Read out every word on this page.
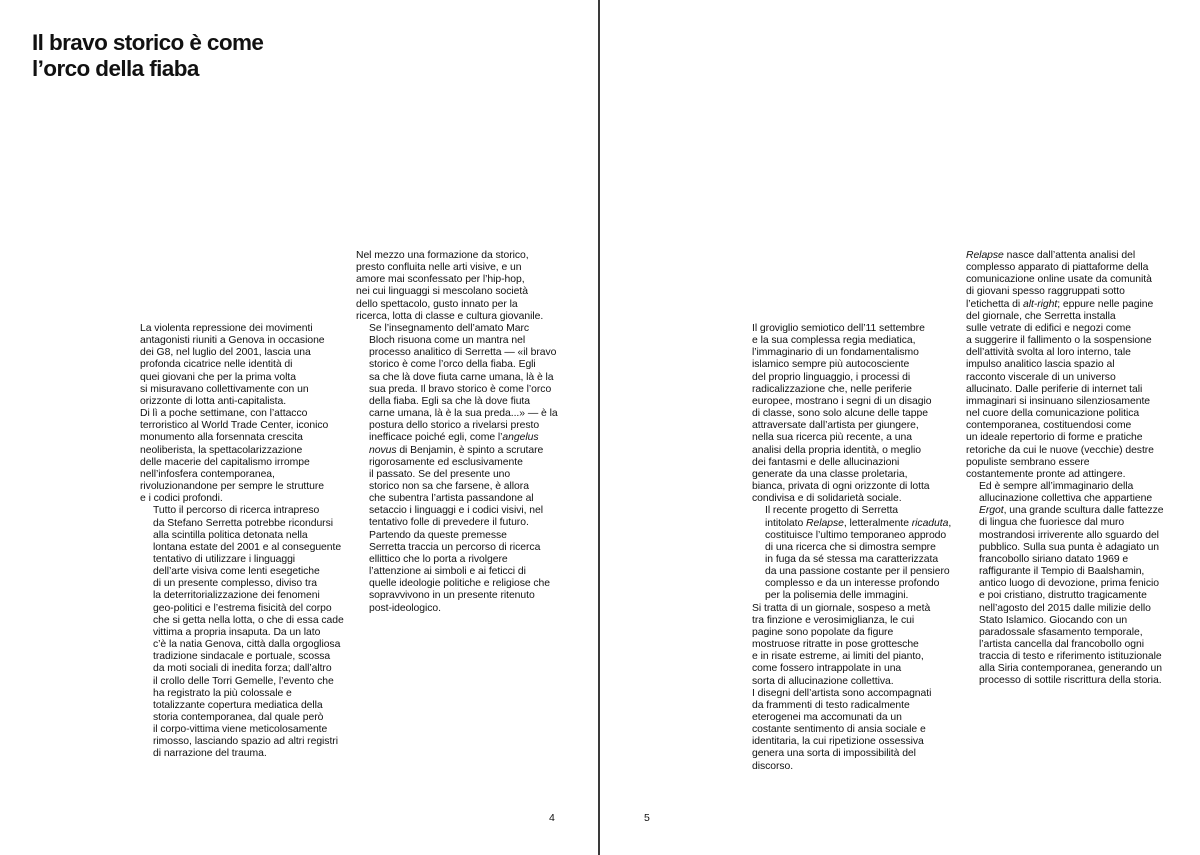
Il bravo storico è come
l’orco della fiaba

La violenta repressione dei movimenti
antagonisti riuniti a Genova in occasione
dei G8, nel luglio del 2001, lascia una
profonda cicatrice nelle identità di
quei giovani che per la prima volta
si misuravano collettivamente con un
orizzonte di lotta anti-capitalista.

Di lì a poche settimane, con l’attacco
terroristico al World Trade Center, iconico
monumento alla forsennata crescita
neoliberista, la spettacolarizzazione
delle macerie del capitalismo irrompe
nell’infosfera contemporanea,
rivoluzionandone per sempre le strutture
e i codici profondi.

Tutto il percorso di ricerca intrapreso
da Stefano Serretta potrebbe ricondursi
alla scintilla politica detonata nella
lontana estate del 2001 e al conseguente
tentativo di utilizzare i linguaggi
dell’arte visiva come lenti esegetiche
di un presente complesso, diviso tra
la deterritorializzazione dei fenomeni
geo-politici e l’estrema fisicità del corpo
che si getta nella lotta, o che di essa cade
vittima a propria insaputa. Da un lato
c’è la natia Genova, città dalla orgogliosa
tradizione sindacale e portuale, scossa
da moti sociali di inedita forza; dall’altro
il crollo delle Torri Gemelle, l’evento che
ha registrato la più colossale e
totalizzante copertura mediatica della
storia contemporanea, dal quale però
il corpo-vittima viene meticolosamente
rimosso, lasciando spazio ad altri registri
di narrazione del trauma.

Nel mezzo una formazione da storico,
presto confluita nelle arti visive, e un
amore mai sconfessato per l’hip-hop,
nei cui linguaggi si mescolano società
dello spettacolo, gusto innato per la
ricerca, lotta di classe e cultura giovanile.

Se l’insegnamento dell’amato Marc
Bloch risuona come un mantra nel
processo analitico di Serretta — «il bravo
storico è come l’orco della fiaba. Egli
sa che là dove fiuta carne umana, là è la
sua preda. Il bravo storico è come l’orco
della fiaba. Egli sa che là dove fiuta
carne umana, là è la sua preda...» — è la
postura dello storico a rivelarsi presto
inefficace poiché egli, come l’angelus
novus di Benjamin, è spinto a scrutare
rigorosamente ed esclusivamente
il passato. Se del presente uno
storico non sa che farsene, è allora
che subentra l’artista passandone al
setaccio i linguaggi e i codici visivi, nel
tentativo folle di prevedere il futuro.

Partendo da queste premesse
Serretta traccia un percorso di ricerca
ellittico che lo porta a rivolgere
l’attenzione ai simboli e ai feticci di
quelle ideologie politiche e religiose che
sopravvivono in un presente ritenuto
post-ideologico.

4

Il groviglio semiotico dell’11 settembre
e la sua complessa regia mediatica,
l’immaginario di un fondamentalismo
islamico sempre più autocosciente
del proprio linguaggio, i processi di
radicalizzazione che, nelle periferie
europee, mostrano i segni di un disagio
di classe, sono solo alcune delle tappe
attraversate dall’artista per giungere,
nella sua ricerca più recente, a una
analisi della propria identità, o meglio
dei fantasmi e delle allucinazioni
generate da una classe proletaria,
bianca, privata di ogni orizzonte di lotta
condivisa e di solidarietà sociale.

Il recente progetto di Serretta
intitolato Relapse, letteralmente ricaduta,
costituisce l’ultimo temporaneo approdo
di una ricerca che si dimostra sempre
in fuga da sé stessa ma caratterizzata
da una passione costante per il pensiero
complesso e da un interesse profondo
per la polisemia delle immagini.

Si tratta di un giornale, sospeso a metà
tra finzione e verosimiglianza, le cui
pagine sono popolate da figure
mostruose ritratte in pose grottesche
e in risate estreme, ai limiti del pianto,
come fossero intrappolate in una
sorta di allucinazione collettiva.

I disegni dell’artista sono accompagnati
da frammenti di testo radicalmente
eterogenei ma accomunati da un
costante sentimento di ansia sociale e
identitaria, la cui ripetizione ossessiva
genera una sorta di impossibilità del
discorso.

Relapse nasce dall’attenta analisi del
complesso apparato di piattaforme della
comunicazione online usate da comunità
di giovani spesso raggruppati sotto
l’etichetta di alt-right; eppure nelle pagine
del giornale, che Serretta installa
sulle vetrate di edifici e negozi come
a suggerire il fallimento o la sospensione
dell’attività svolta al loro interno, tale
impulso analitico lascia spazio al
racconto viscerale di un universo
allucinato. Dalle periferie di internet tali
immaginari si insinuano silenziosamente
nel cuore della comunicazione politica
contemporanea, costituendosi come
un ideale repertorio di forme e pratiche
retoriche da cui le nuove (vecchie) destre
populiste sembrano essere
costantemente pronte ad attingere.

Ed è sempre all’immaginario della
allucinazione collettiva che appartiene
Ergot, una grande scultura dalle fattezze
di lingua che fuoriesce dal muro
mostrandosi irriverente allo sguardo del
pubblico. Sulla sua punta è adagiato un
francobollo siriano datato 1969 e
raffigurante il Tempio di Baalshamin,
antico luogo di devozione, prima fenicio
e poi cristiano, distrutto tragicamente
nell’agosto del 2015 dalle milizie dello
Stato Islamico. Giocando con un
paradossale sfasamento temporale,
l’artista cancella dal francobollo ogni
traccia di testo e riferimento istituzionale
alla Siria contemporanea, generando un
processo di sottile riscrittura della storia.

5
